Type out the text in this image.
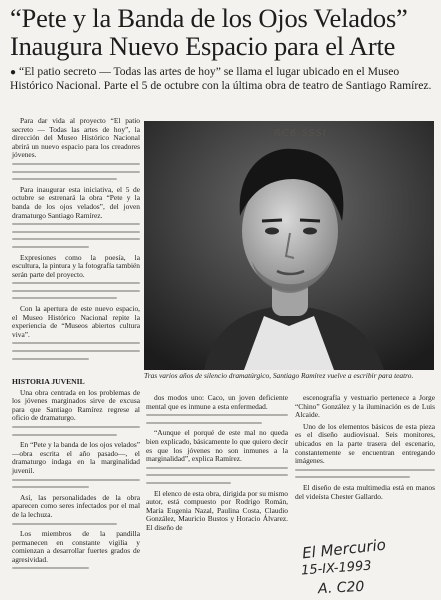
“Pete y la Banda de los Ojos Velados” Inaugura Nuevo Espacio para el Arte

● “El patio secreto — Todas las artes de hoy” se llama el lugar ubicado en el Museo Histórico Nacional. Parte el 5 de octubre con la última obra de teatro de Santiago Ramírez.

Para dar vida al proyecto “El patio secreto — Todas las artes de hoy”, la dirección del Museo Histórico Nacional abrirá un nuevo espacio para los creadores jóvenes.

Para inaugurar esta iniciativa, el 5 de octubre se estrenará la obra “Pete y la banda de los ojos velados”, del joven dramaturgo Santiago Ramírez.

Expresiones como la poesía, la escultura, la pintura y la fotografía también serán parte del proyecto.

Con la apertura de este nuevo espacio, el Museo Histórico Nacional repite la experiencia de “Museos abiertos cultura viva”.

HISTORIA JUVENIL

Una obra centrada en los problemas de los jóvenes marginados sirve de excusa para que Santiago Ramírez regrese al oficio de dramaturgo.

En “Pete y la banda de los ojos velados” —obra escrita el año pasado—, el dramaturgo indaga en la marginalidad juvenil.

Así, las personalidades de la obra aparecen como seres infectados por el mal de la lechuza.

Los miembros de la pandilla permanecen en constante vigilia y comienzan a desarrollar fuertes grados de agresividad.

Tras varios años de silencio dramatúrgico, Santiago Ramírez vuelve a escribir para teatro.

dos modos uno: Caco, un joven deficiente mental que es inmune a esta enfermedad.

“Aunque el porqué de este mal no queda bien explicado, básicamente lo que quiero decir es que los jóvenes no son inmunes a la marginalidad”, explica Ramírez.

El elenco de esta obra, dirigida por su mismo autor, está compuesto por Rodrigo Román, María Eugenia Nazal, Paulina Costa, Claudio González, Mauricio Bustos y Horacio Álvarez. El diseño de

escenografía y vestuario pertenece a Jorge “Chino” González y la iluminación es de Luis Alcaide.

Uno de los elementos básicos de esta pieza es el diseño audiovisual. Seis monitores, ubicados en la parte trasera del escenario, constantemente se encuentran entregando imágenes.

El diseño de esta multimedia está en manos del videísta Chester Gallardo.

RC6 SSSI
El Mercurio
15-IX-1993
A. C20
